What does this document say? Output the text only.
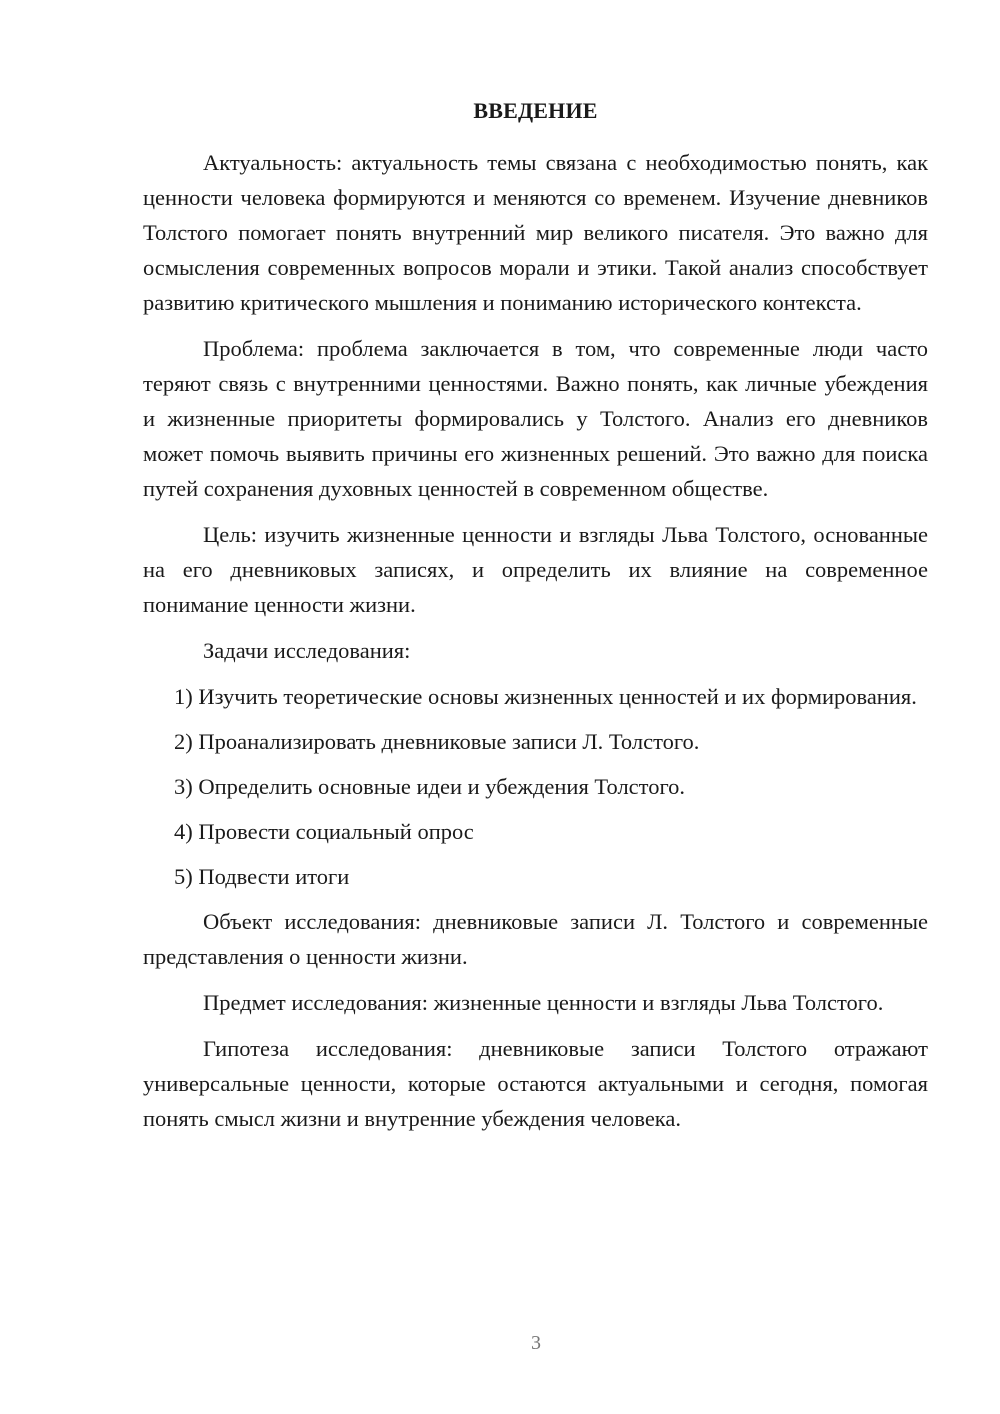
ВВЕДЕНИЕ

Актуальность: актуальность темы связана с необходимостью понять, как ценности человека формируются и меняются со временем. Изучение дневников Толстого помогает понять внутренний мир великого писателя. Это важно для осмысления современных вопросов морали и этики. Такой анализ способствует развитию критического мышления и пониманию исторического контекста.

Проблема: проблема заключается в том, что современные люди часто теряют связь с внутренними ценностями. Важно понять, как личные убеждения и жизненные приоритеты формировались у Толстого. Анализ его дневников может помочь выявить причины его жизненных решений. Это важно для поиска путей сохранения духовных ценностей в современном обществе.

Цель: изучить жизненные ценности и взгляды Льва Толстого, основанные на его дневниковых записях, и определить их влияние на современное понимание ценности жизни.

Задачи исследования:

1) Изучить теоретические основы жизненных ценностей и их формирования.

2) Проанализировать дневниковые записи Л. Толстого.

3) Определить основные идеи и убеждения Толстого.

4) Провести социальный опрос

5) Подвести итоги

Объект исследования: дневниковые записи Л. Толстого и современные представления о ценности жизни.

Предмет исследования: жизненные ценности и взгляды Льва Толстого.

Гипотеза исследования: дневниковые записи Толстого отражают универсальные ценности, которые остаются актуальными и сегодня, помогая понять смысл жизни и внутренние убеждения человека.

3
